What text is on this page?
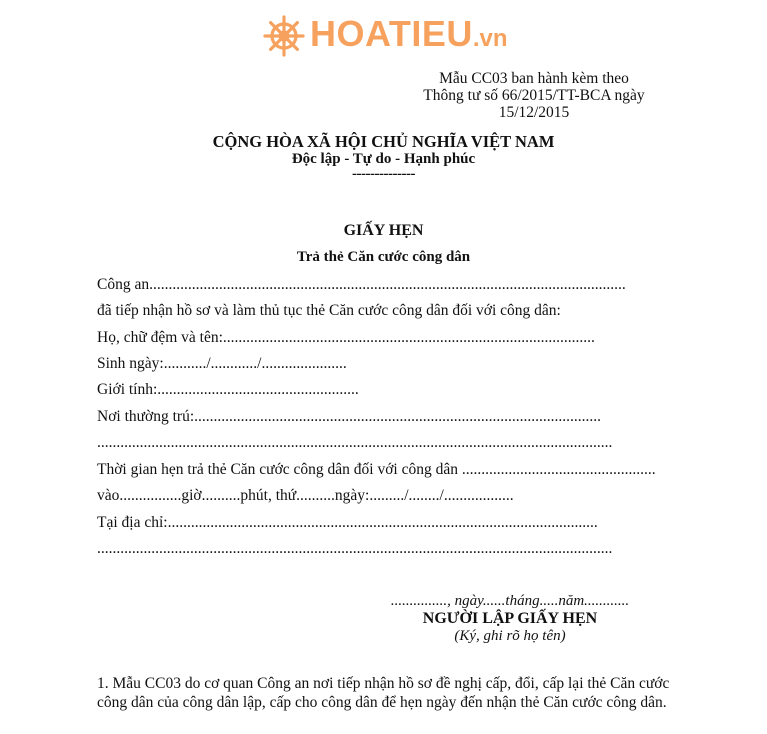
HOATIEU.vn
Mẫu CC03 ban hành kèm theo
Thông tư số 66/2015/TT-BCA ngày
15/12/2015
CỘNG HÒA XÃ HỘI CHỦ NGHĨA VIỆT NAM
Độc lập - Tự do - Hạnh phúc
--------------
GIẤY HẸN
Trả thẻ Căn cước công dân
Công an...........................................................................................................................
đã tiếp nhận hồ sơ và làm thủ tục thẻ Căn cước công dân đối với công dân:
Họ, chữ đệm và tên:................................................................................................
Sinh ngày:.........../............/......................
Giới tính:....................................................
Nơi thường trú:.........................................................................................................
.....................................................................................................................................
Thời gian hẹn trả thẻ Căn cước công dân đối với công dân ..................................................
vào................giờ..........phút, thứ..........ngày:........./......../..................
Tại địa chỉ:...............................................................................................................
.....................................................................................................................................
..............., ngày......tháng.....năm............
NGƯỜI LẬP GIẤY HẸN
(Ký, ghi rõ họ tên)
1. Mẫu CC03 do cơ quan Công an nơi tiếp nhận hồ sơ đề nghị cấp, đổi, cấp lại thẻ Căn cước công dân của công dân lập, cấp cho công dân để hẹn ngày đến nhận thẻ Căn cước công dân.
